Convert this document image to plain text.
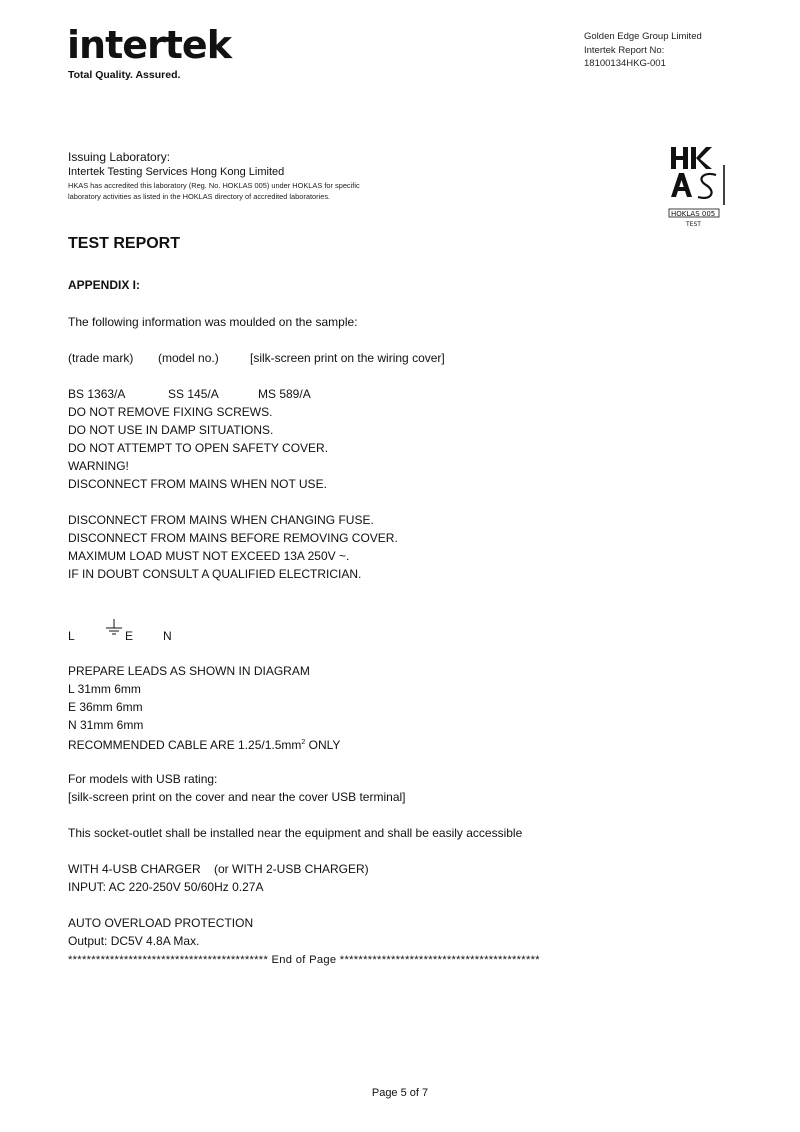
intertek
Total Quality. Assured.
Golden Edge Group Limited
Intertek Report No:
18100134HKG-001
Issuing Laboratory:
Intertek Testing Services Hong Kong Limited
HKAS has accredited this laboratory (Reg. No. HOKLAS 005) under HOKLAS for specific
laboratory activities as listed in the HOKLAS directory of accredited laboratories.
HOKLAS 005
TEST
TEST REPORT
APPENDIX I:
The following information was moulded on the sample:
(trade mark) (model no.)	[silk-screen print on the wiring cover]
BS 1363/A	SS 145/A	MS 589/A
DO NOT REMOVE FIXING SCREWS.
DO NOT USE IN DAMP SITUATIONS.
DO NOT ATTEMPT TO OPEN SAFETY COVER.
WARNING!
DISCONNECT FROM MAINS WHEN NOT USE.
DISCONNECT FROM MAINS WHEN CHANGING FUSE.
DISCONNECT FROM MAINS BEFORE REMOVING COVER.
MAXIMUM LOAD MUST NOT EXCEED 13A 250V ~.
IF IN DOUBT CONSULT A QUALIFIED ELECTRICIAN.
L	E N
PREPARE LEADS AS SHOWN IN DIAGRAM
L 31mm 6mm
E 36mm 6mm
N 31mm 6mm
RECOMMENDED CABLE ARE $1.25/1.5mm^2$ ONLY
For models with USB rating:
[silk-screen print on the cover and near the cover USB terminal]
This socket-outlet shall be installed near the equipment and shall be easily accessible
WITH 4-USB CHARGER    (or WITH 2-USB CHARGER)
INPUT: AC 220-250V 50/60Hz 0.27A
AUTO OVERLOAD PROTECTION
Output: DC5V 4.8A Max.
******************************************* End of Page *******************************************
Page 5 of 7
